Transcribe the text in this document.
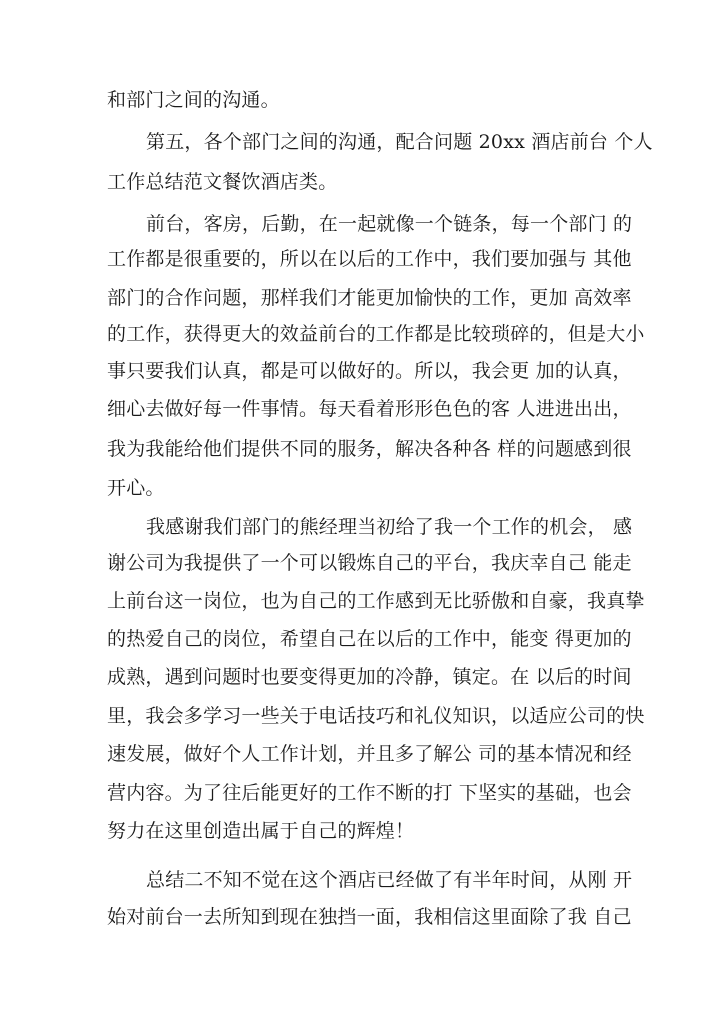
和部门之间的沟通。
第五，各个部门之间的沟通，配合问题 20xx 酒店前台 个人
工作总结范文餐饮酒店类。
前台，客房，后勤，在一起就像一个链条，每一个部门 的
工作都是很重要的，所以在以后的工作中，我们要加强与 其他
部门的合作问题，那样我们才能更加愉快的工作，更加 高效率
的工作，获得更大的效益前台的工作都是比较琐碎的，但是大小
事只要我们认真，都是可以做好的。所以，我会更 加的认真，
细心去做好每一件事情。每天看着形形色色的客 人进进出出，
我为我能给他们提供不同的服务，解决各种各 样的问题感到很
开心。
我感谢我们部门的熊经理当初给了我一个工作的机会， 感
谢公司为我提供了一个可以锻炼自己的平台，我庆幸自己 能走
上前台这一岗位，也为自己的工作感到无比骄傲和自豪，我真挚
的热爱自己的岗位，希望自己在以后的工作中，能变 得更加的
成熟，遇到问题时也要变得更加的冷静，镇定。在 以后的时间
里，我会多学习一些关于电话技巧和礼仪知识，以适应公司的快
速发展，做好个人工作计划，并且多了解公 司的基本情况和经
营内容。为了往后能更好的工作不断的打 下坚实的基础，也会
努力在这里创造出属于自己的辉煌！
总结二不知不觉在这个酒店已经做了有半年时间，从刚 开
始对前台一去所知到现在独挡一面，我相信这里面除了我 自己
